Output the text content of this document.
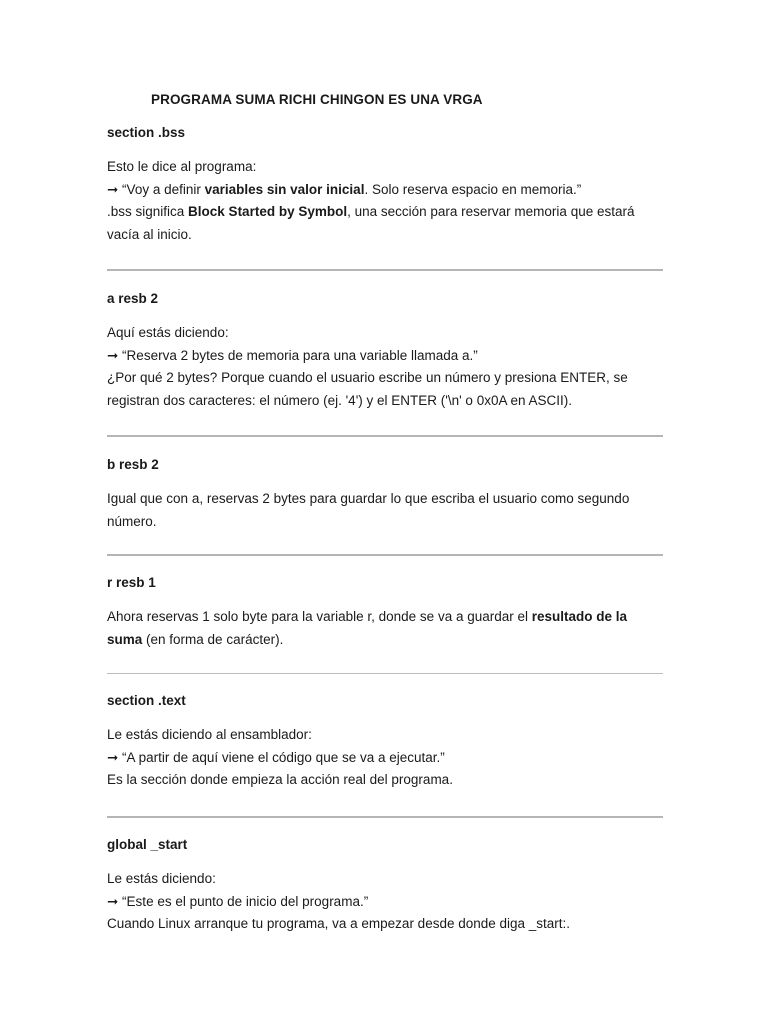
PROGRAMA SUMA RICHI CHINGON ES UNA VRGA
section .bss

Esto le dice al programa:

➞ “Voy a definir variables sin valor inicial. Solo reserva espacio en memoria.”

.bss significa Block Started by Symbol, una sección para reservar memoria que estará vacía al inicio.

a resb 2

Aquí estás diciendo:

➞ “Reserva 2 bytes de memoria para una variable llamada a.”

¿Por qué 2 bytes? Porque cuando el usuario escribe un número y presiona ENTER, se registran dos caracteres: el número (ej. '4') y el ENTER ('\n' o 0x0A en ASCII).

b resb 2

Igual que con a, reservas 2 bytes para guardar lo que escriba el usuario como segundo número.

r resb 1

Ahora reservas 1 solo byte para la variable r, donde se va a guardar el resultado de la suma (en forma de carácter).

section .text

Le estás diciendo al ensamblador:

➞ “A partir de aquí viene el código que se va a ejecutar.”

Es la sección donde empieza la acción real del programa.

global _start

Le estás diciendo:

➞ “Este es el punto de inicio del programa.”

Cuando Linux arranque tu programa, va a empezar desde donde diga _start:.
